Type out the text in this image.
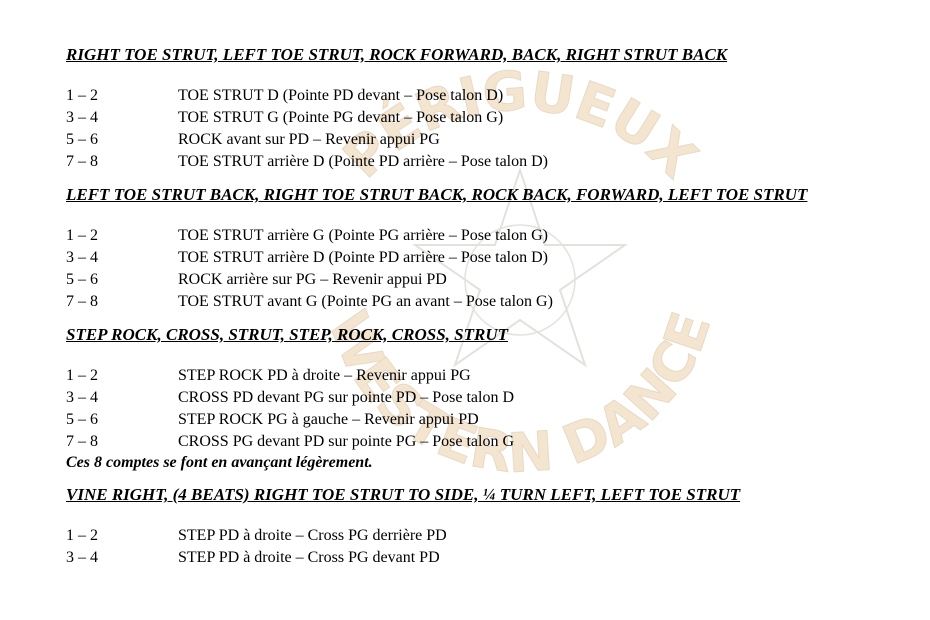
PÉRIGUEUX
WESTERN DANCE

RIGHT TOE STRUT, LEFT TOE STRUT, ROCK FORWARD, BACK, RIGHT STRUT BACK

1 – 2	TOE STRUT D (Pointe PD devant – Pose talon D)
3 – 4	TOE STRUT G (Pointe PG devant – Pose talon G)
5 – 6	ROCK avant sur PD – Revenir appui PG
7 – 8	TOE STRUT arrière D (Pointe PD arrière – Pose talon D)

LEFT TOE STRUT BACK, RIGHT TOE STRUT BACK, ROCK BACK, FORWARD, LEFT TOE STRUT

1 – 2	TOE STRUT arrière G (Pointe PG arrière – Pose talon G)
3 – 4	TOE STRUT arrière D (Pointe PD arrière – Pose talon D)
5 – 6	ROCK arrière sur PG – Revenir appui PD
7 – 8	TOE STRUT avant G (Pointe PG an avant – Pose talon G)

STEP ROCK, CROSS, STRUT, STEP, ROCK, CROSS, STRUT

1 – 2	STEP ROCK PD à droite – Revenir appui PG
3 – 4	CROSS PD devant PG sur pointe PD – Pose talon D
5 – 6	STEP ROCK PG à gauche – Revenir appui PD
7 – 8	CROSS PG devant PD sur pointe PG – Pose talon G

Ces 8 comptes se font en avançant légèrement.

VINE RIGHT, (4 BEATS) RIGHT TOE STRUT TO SIDE, ¼ TURN LEFT, LEFT TOE STRUT

1 – 2	STEP PD à droite – Cross PG derrière PD
3 – 4	STEP PD à droite – Cross PG devant PD
